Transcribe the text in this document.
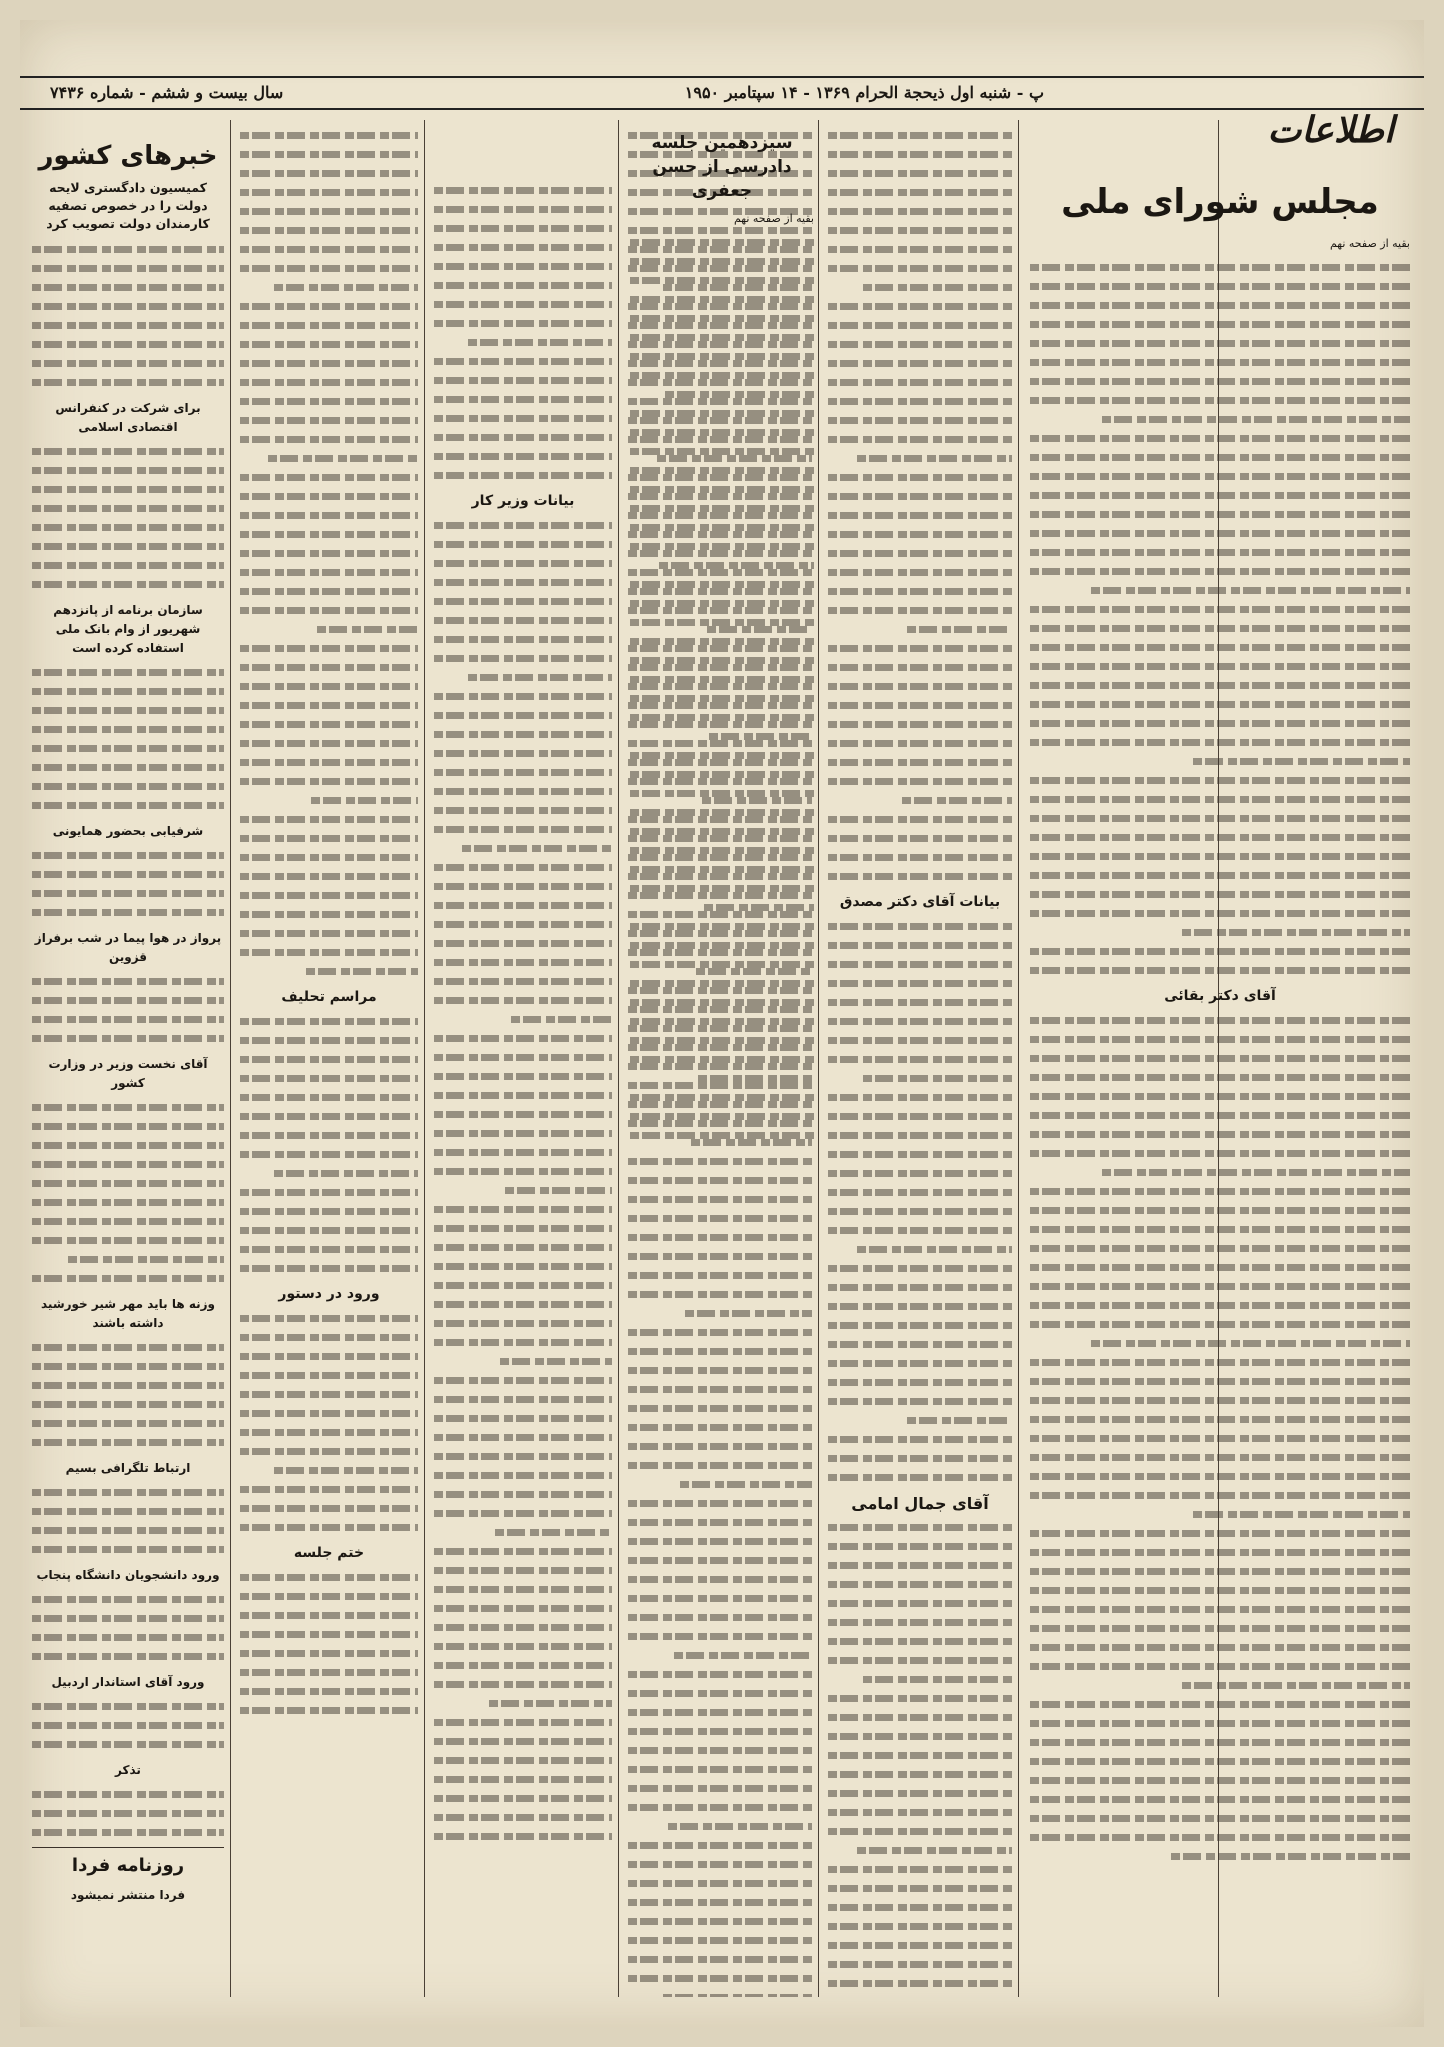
پ - شنبه اول ذیحجة الحرام ۱۳۶۹ - ۱۴ سپتامبر ۱۹۵۰
سال بیست و ششم - شماره ۷۴۳۶
اطلاعات
مجلس شورای ملی
بقیه از صفحه نهم
آقای دکتر بقائی
بیانات آقای دکتر مصدق
آقای جمال امامی
سیزدهمین جلسه دادرسی از حسن جعفری
بقیه از صفحه نهم
بیانات وزیر کار
مراسم تحلیف
ورود در دستور
ختم جلسه
خبرهای کشور
کمیسیون دادگستری لایحه دولت را در خصوص تصفیه کارمندان دولت تصویب کرد
برای شرکت در کنفرانس اقتصادی اسلامی
سازمان برنامه از پانزدهم شهریور از وام بانک ملی استفاده کرده است
شرفیابی بحضور همایونی
پرواز در هوا پیما در شب برفراز قزوین
آقای نخست وزیر در وزارت کشور
وزنه ها باید مهر شیر خورشید داشته باشند
ارتباط تلگرافی بسیم
ورود دانشجویان دانشگاه پنجاب
ورود آقای استاندار اردبیل
تذکر
روزنامه فردا
فردا منتشر نمیشود
